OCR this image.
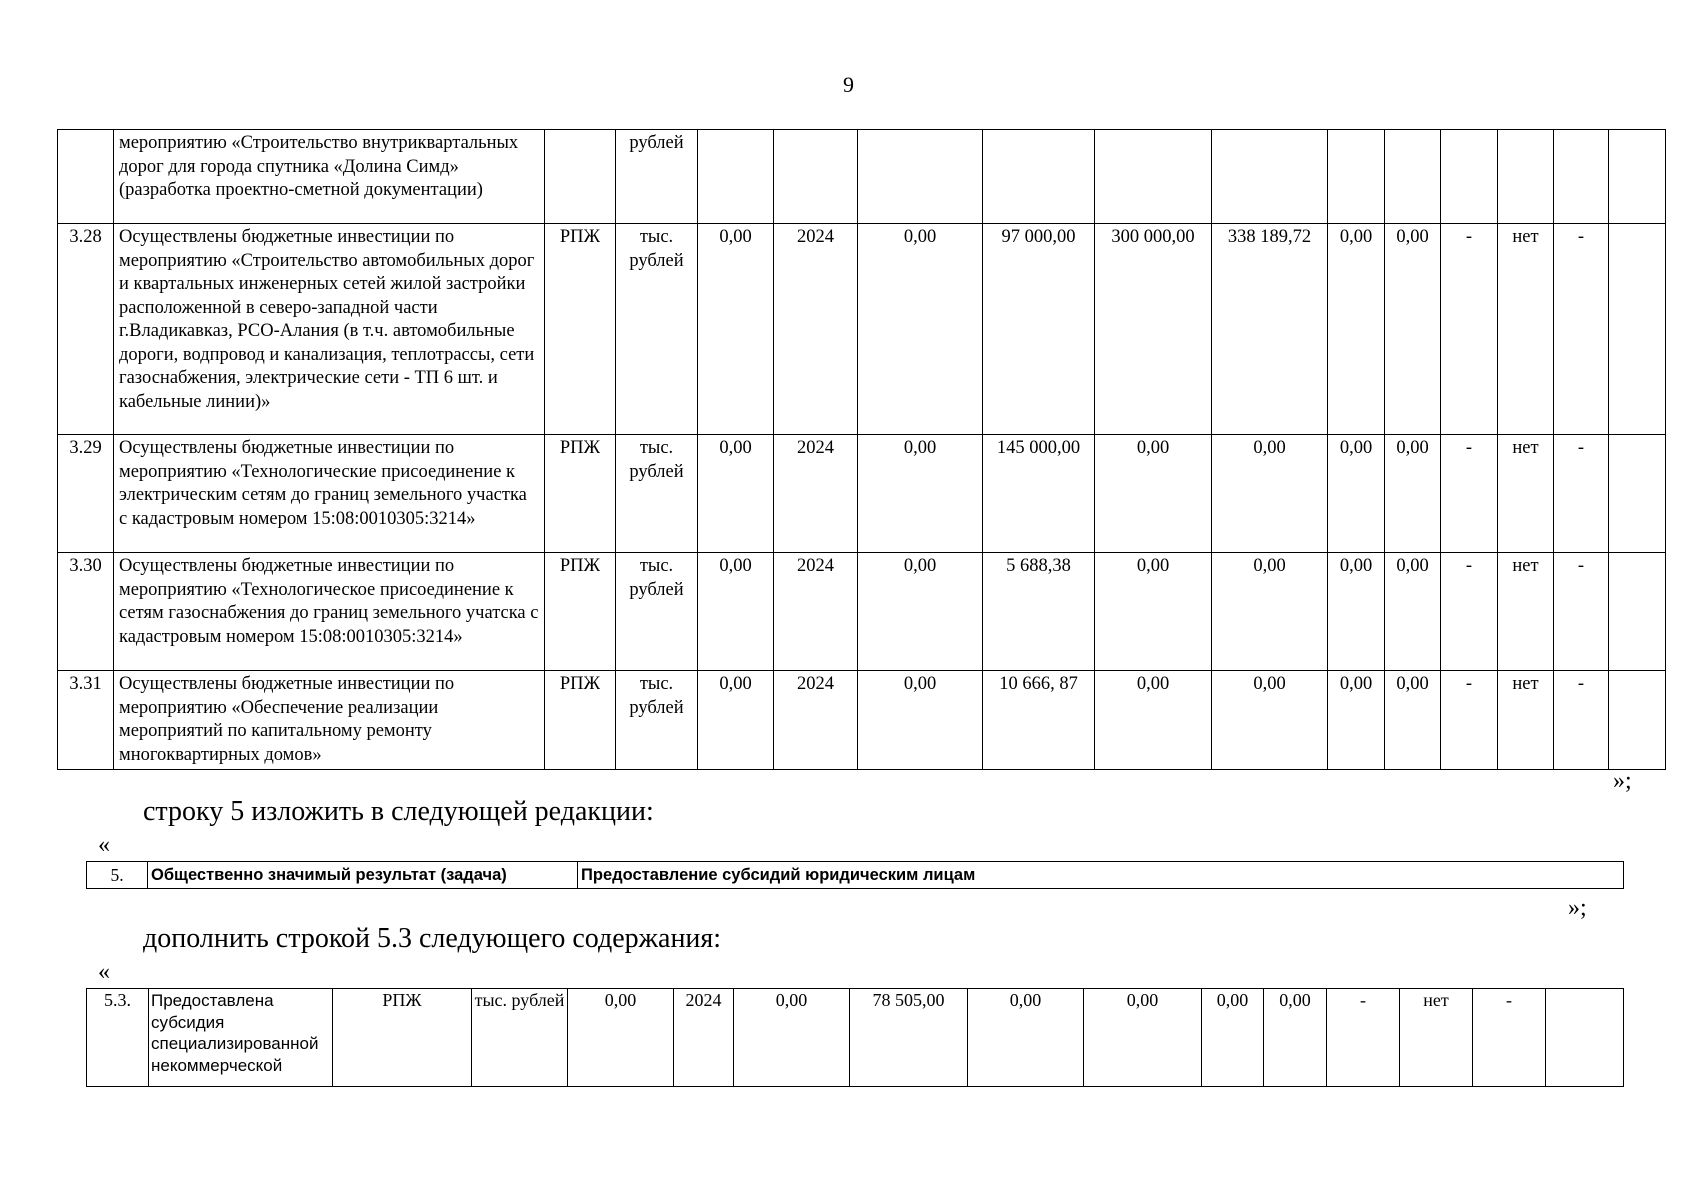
9
	мероприятию «Строительство внутриквартальных дорог для города спутника «Долина Симд» (разработка проектно-сметной документации)		рублей												
3.28	Осуществлены бюджетные инвестиции по мероприятию «Строительство автомобильных дорог и квартальных инженерных сетей жилой застройки расположенной в северо-западной части г.Владикавказ, РСО-Алания (в т.ч. автомобильные дороги, водпровод и канализация, теплотрассы, сети газоснабжения, электрические сети - ТП 6 шт. и кабельные линии)»	РПЖ	тыс. рублей	0,00	2024	0,00	97 000,00	300 000,00	338 189,72	0,00	0,00	-	нет	-	
3.29	Осуществлены бюджетные инвестиции по мероприятию «Технологические присоединение к электрическим сетям до границ земельного участка с кадастровым номером 15:08:0010305:3214»	РПЖ	тыс. рублей	0,00	2024	0,00	145 000,00	0,00	0,00	0,00	0,00	-	нет	-	
3.30	Осуществлены бюджетные инвестиции по мероприятию «Технологическое присоединение к сетям газоснабжения до границ земельного учатска с кадастровым номером 15:08:0010305:3214»	РПЖ	тыс. рублей	0,00	2024	0,00	5 688,38	0,00	0,00	0,00	0,00	-	нет	-	
3.31	Осуществлены бюджетные инвестиции по мероприятию «Обеспечение реализации мероприятий по капитальному ремонту многоквартирных домов»	РПЖ	тыс. рублей	0,00	2024	0,00	10 666, 87	0,00	0,00	0,00	0,00	-	нет	-	
»;
строку 5 изложить в следующей редакции:
«
5.	Общественно значимый результат (задача)	Предоставление субсидий юридическим лицам
»;
дополнить строкой 5.3 следующего содержания:
«
5.3.	Предоставлена субсидия специализированной некоммерческой	РПЖ	тыс. рублей	0,00	2024	0,00	78 505,00	0,00	0,00	0,00	0,00	-	нет	-	
